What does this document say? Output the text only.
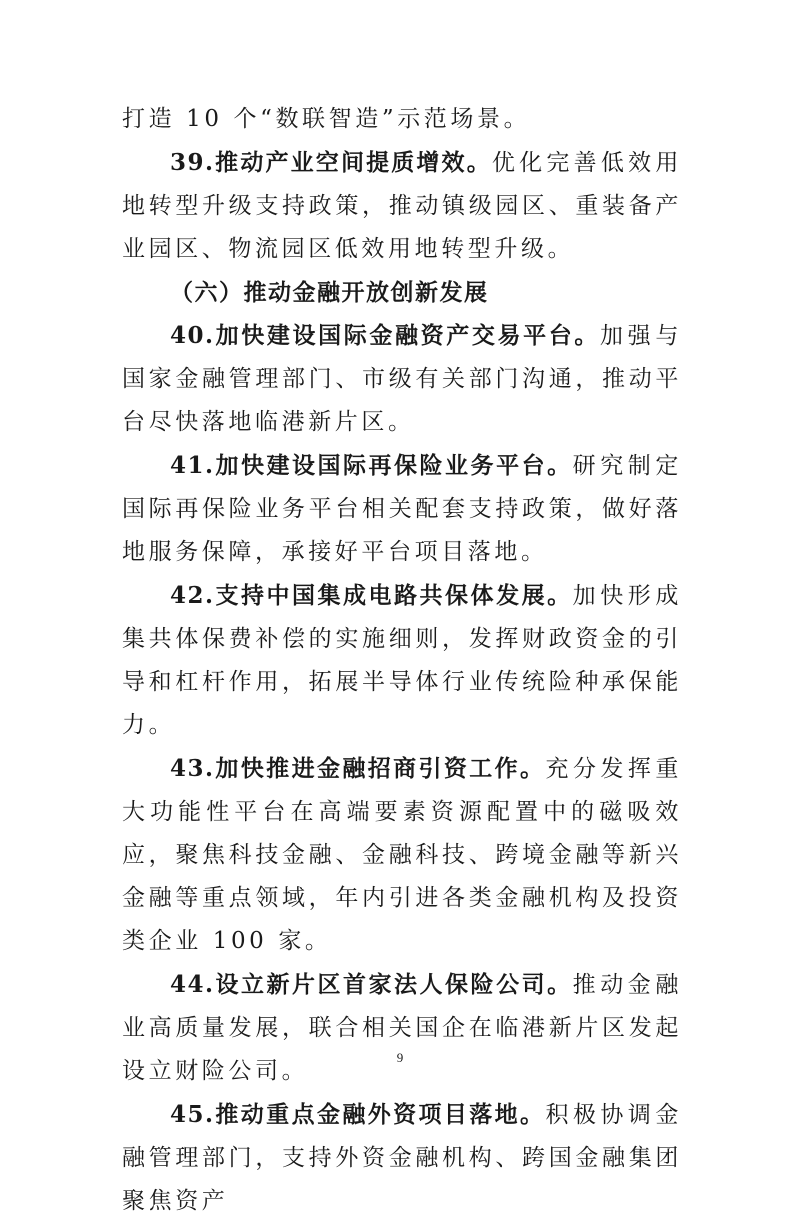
打造 10 个“数联智造”示范场景。

39.推动产业空间提质增效。优化完善低效用地转型升级支持政策，推动镇级园区、重装备产业园区、物流园区低效用地转型升级。

（六）推动金融开放创新发展

40.加快建设国际金融资产交易平台。加强与国家金融管理部门、市级有关部门沟通，推动平台尽快落地临港新片区。

41.加快建设国际再保险业务平台。研究制定国际再保险业务平台相关配套支持政策，做好落地服务保障，承接好平台项目落地。

42.支持中国集成电路共保体发展。加快形成集共体保费补偿的实施细则，发挥财政资金的引导和杠杆作用，拓展半导体行业传统险种承保能力。

43.加快推进金融招商引资工作。充分发挥重大功能性平台在高端要素资源配置中的磁吸效应，聚焦科技金融、金融科技、跨境金融等新兴金融等重点领域，年内引进各类金融机构及投资类企业 100 家。

44.设立新片区首家法人保险公司。推动金融业高质量发展，联合相关国企在临港新片区发起设立财险公司。

45.推动重点金融外资项目落地。积极协调金融管理部门，支持外资金融机构、跨国金融集团聚焦资产

9
